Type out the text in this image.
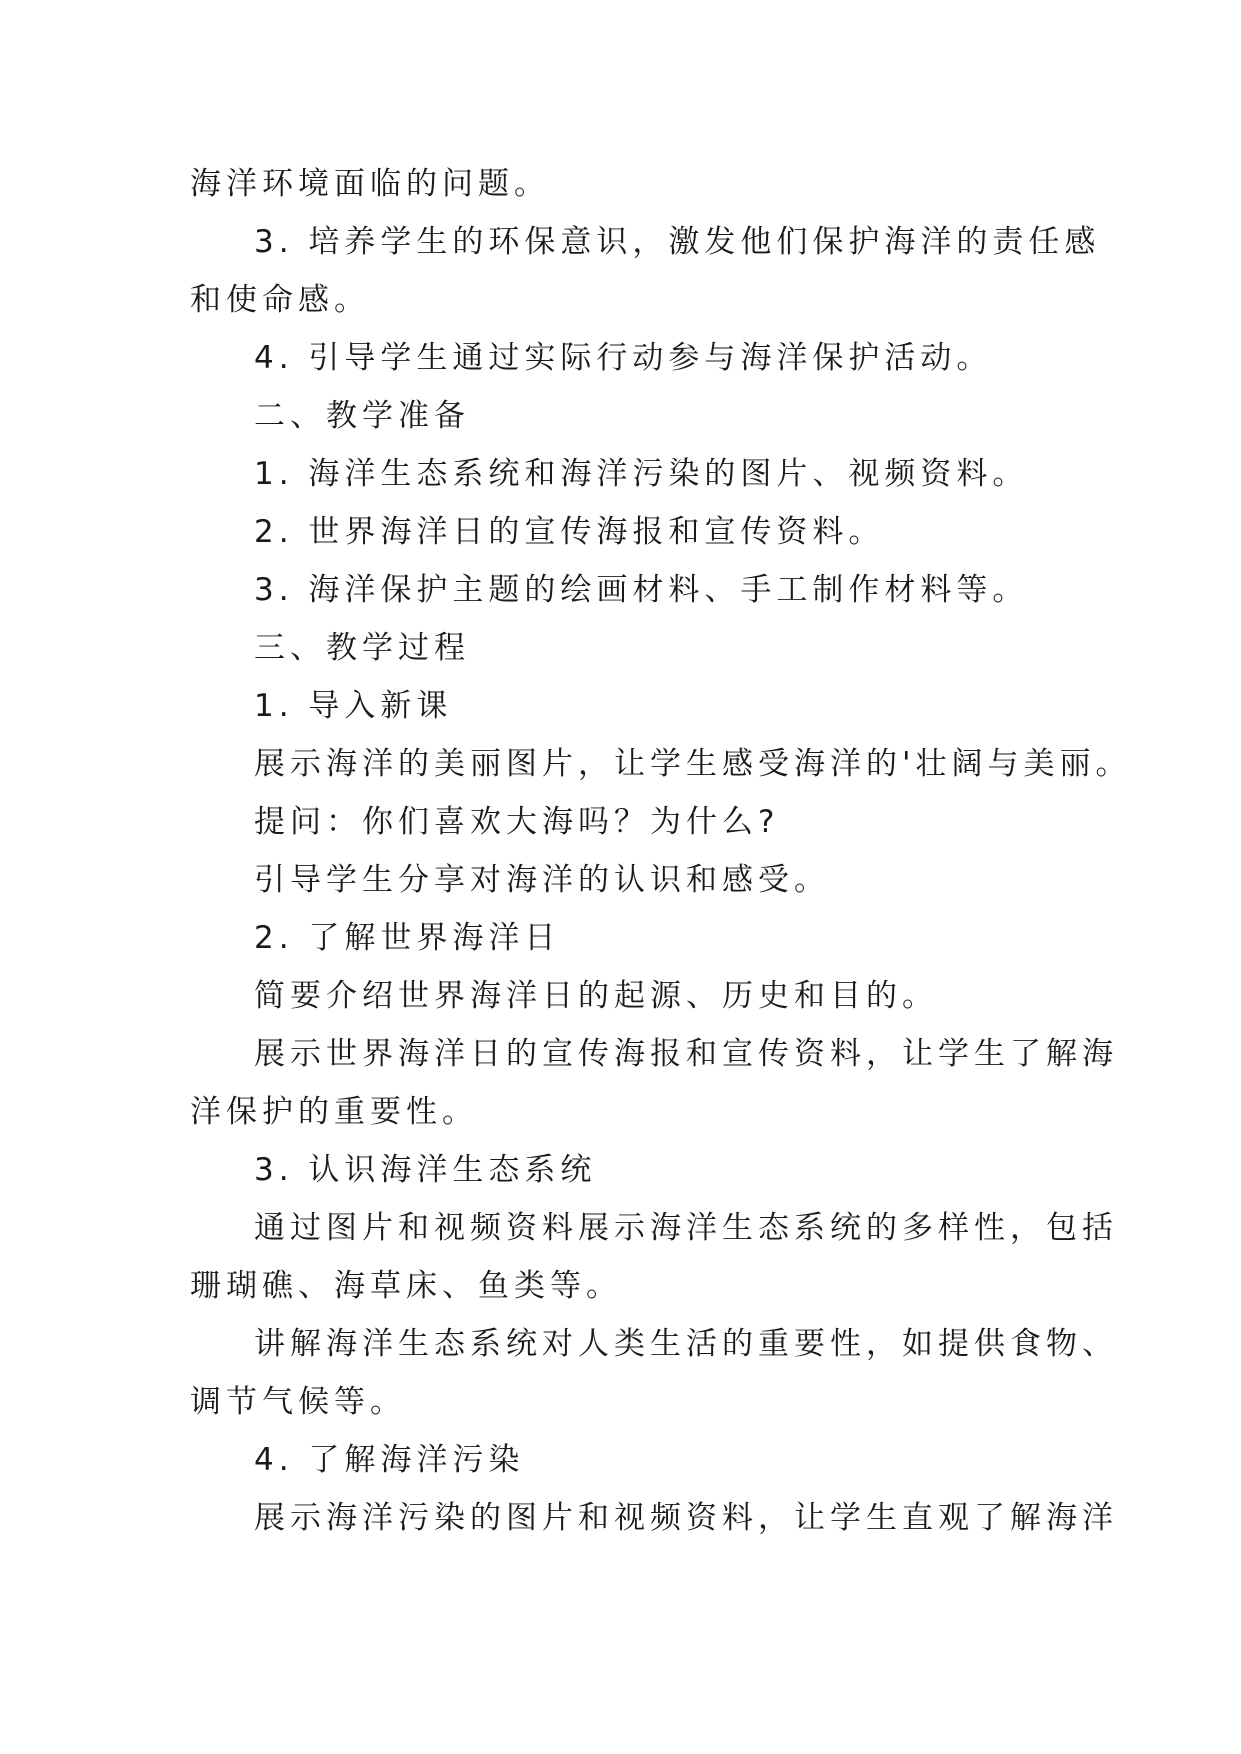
海洋环境面临的问题。
3. 培养学生的环保意识，激发他们保护海洋的责任感
和使命感。
4. 引导学生通过实际行动参与海洋保护活动。
二、教学准备
1. 海洋生态系统和海洋污染的图片、视频资料。
2. 世界海洋日的宣传海报和宣传资料。
3. 海洋保护主题的绘画材料、手工制作材料等。
三、教学过程
1. 导入新课
展示海洋的美丽图片，让学生感受海洋的'壮阔与美丽。
提问：你们喜欢大海吗？为什么?
引导学生分享对海洋的认识和感受。
2. 了解世界海洋日
简要介绍世界海洋日的起源、历史和目的。
展示世界海洋日的宣传海报和宣传资料，让学生了解海
洋保护的重要性。
3. 认识海洋生态系统
通过图片和视频资料展示海洋生态系统的多样性，包括
珊瑚礁、海草床、鱼类等。
讲解海洋生态系统对人类生活的重要性，如提供食物、
调节气候等。
4. 了解海洋污染
展示海洋污染的图片和视频资料，让学生直观了解海洋
